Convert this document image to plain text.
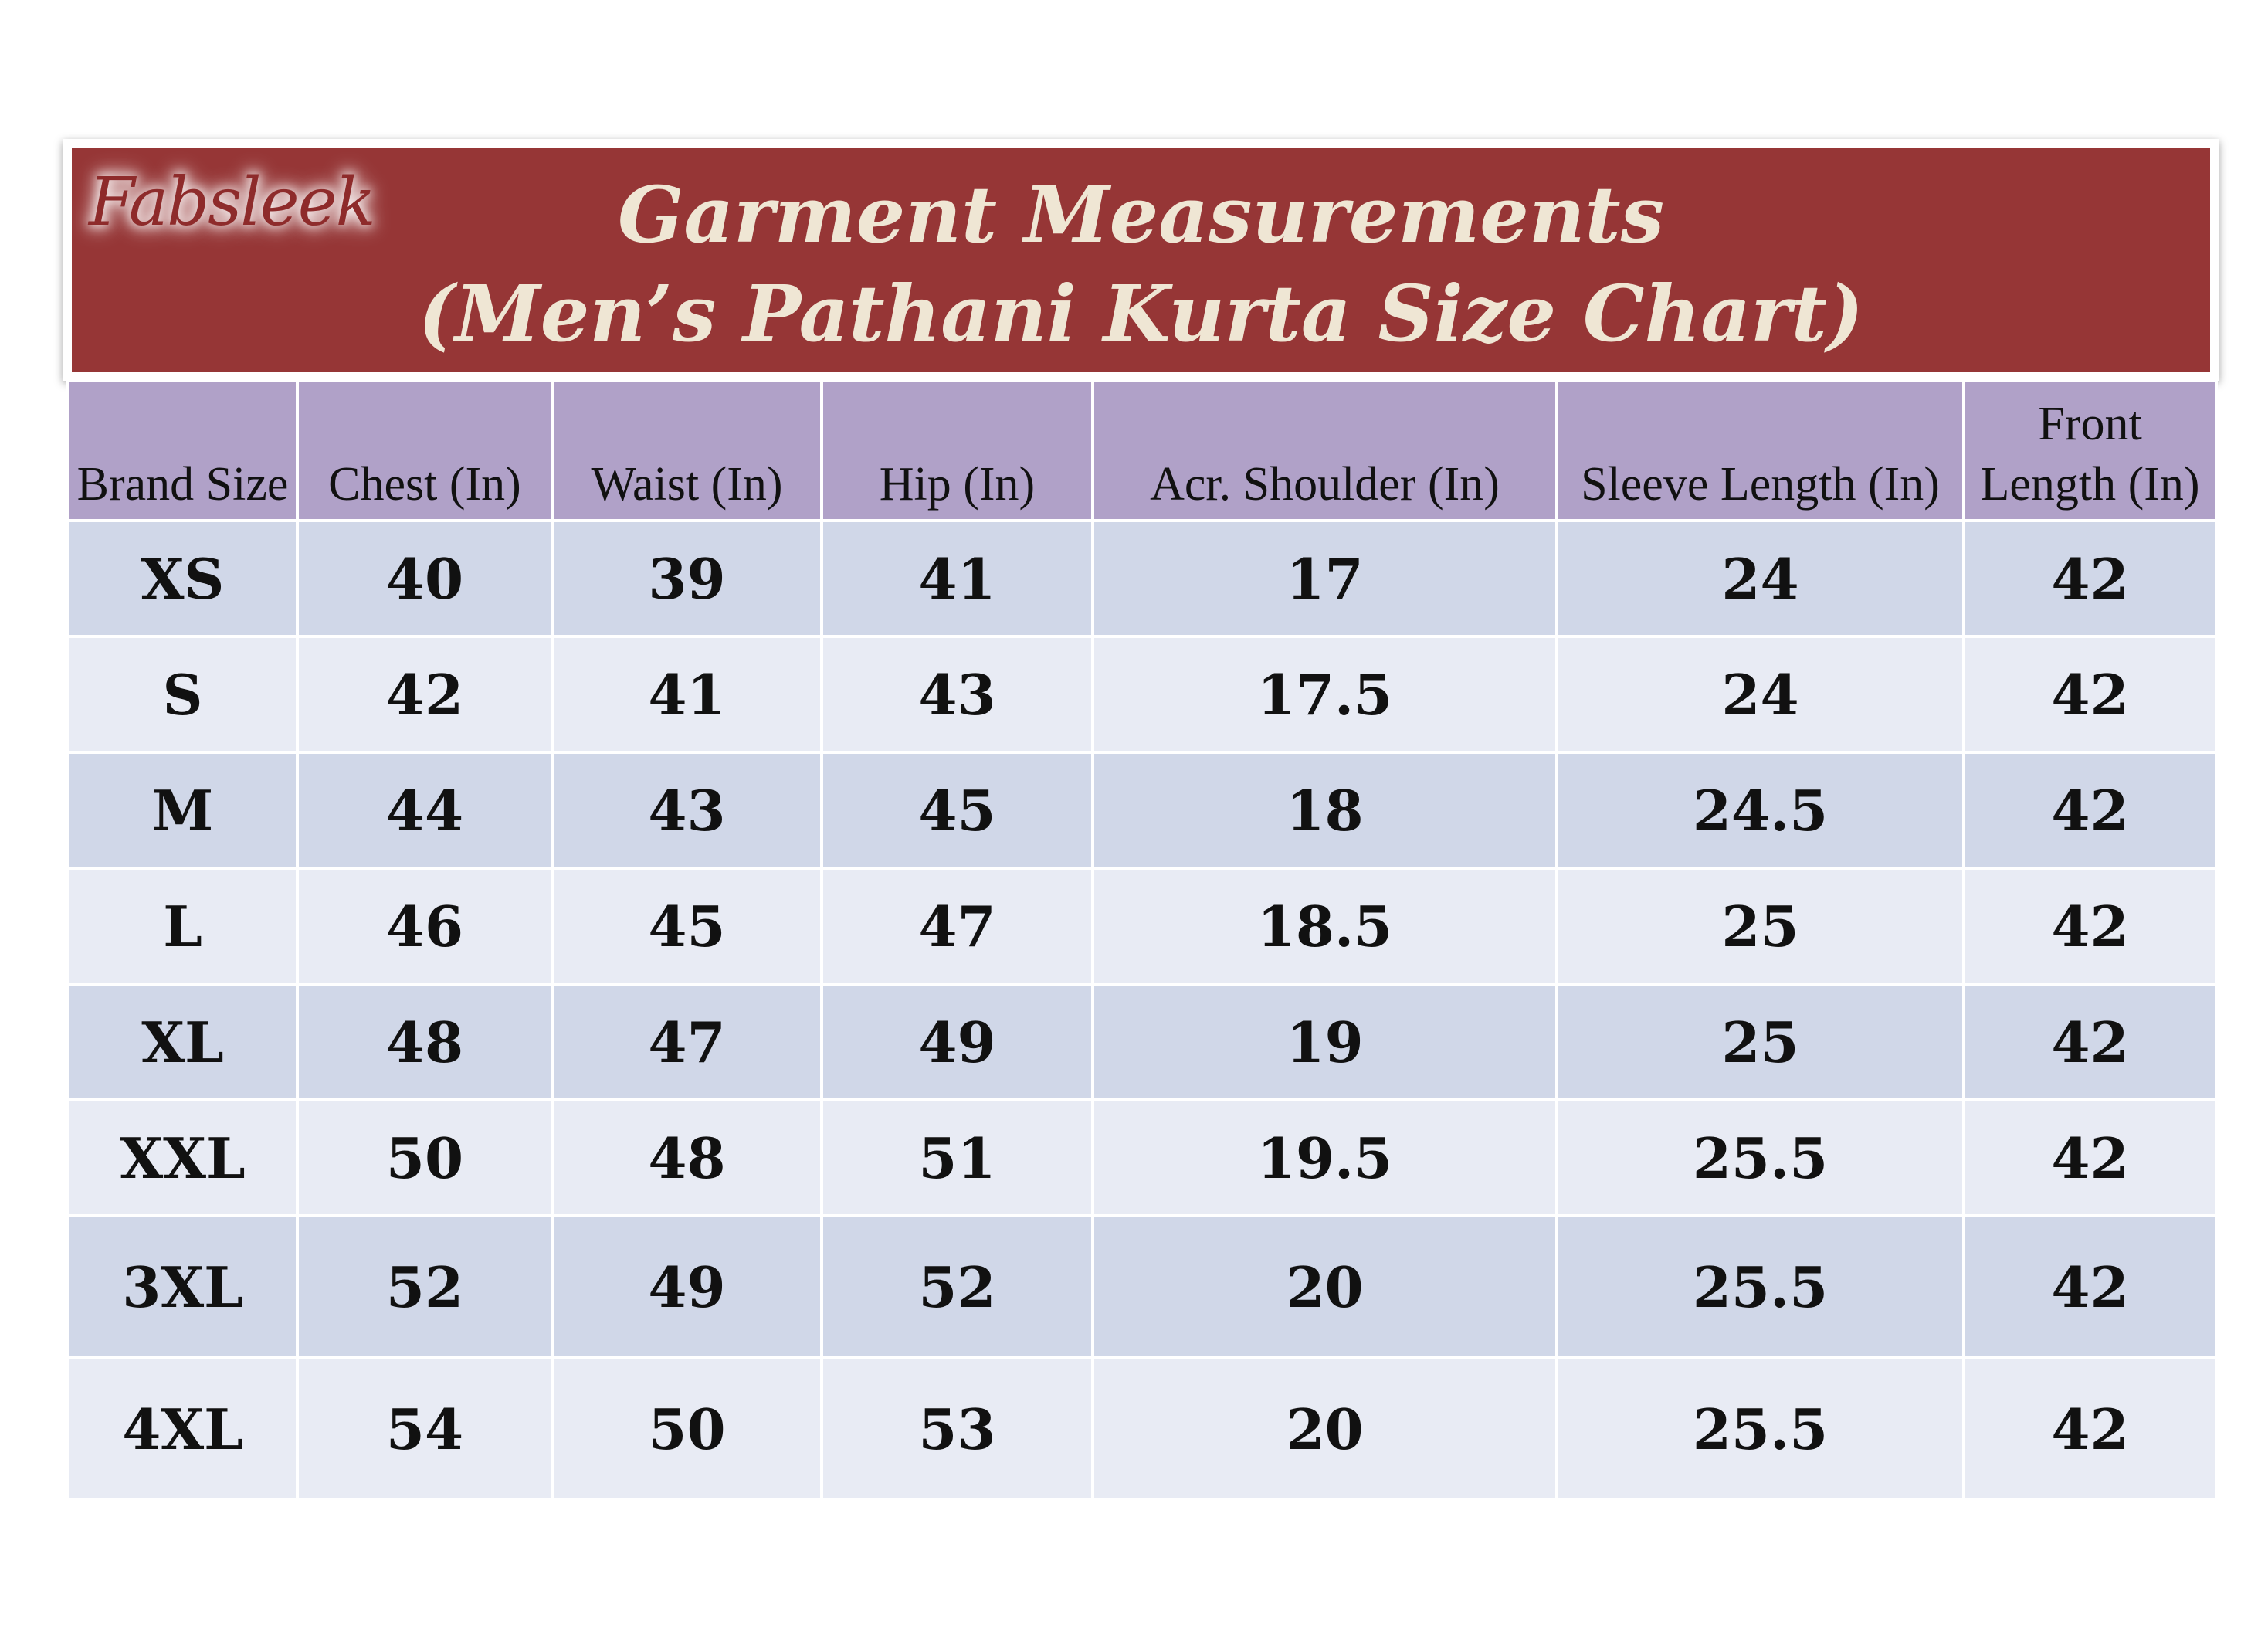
Fabsleek	Garment Measurements
(Men’s Pathani Kurta Size Chart)
Brand Size	Chest (In)	Waist (In)	Hip (In)	Acr. Shoulder (In)	Sleeve Length (In)	Front
Length (In)

XS	40	39	41	17	24	42
S	42	41	43	17.5	24	42
M	44	43	45	18	24.5	42
L	46	45	47	18.5	25	42
XL	48	47	49	19	25	42
XXL	50	48	51	19.5	25.5	42
3XL	52	49	52	20	25.5	42
4XL	54	50	53	20	25.5	42
